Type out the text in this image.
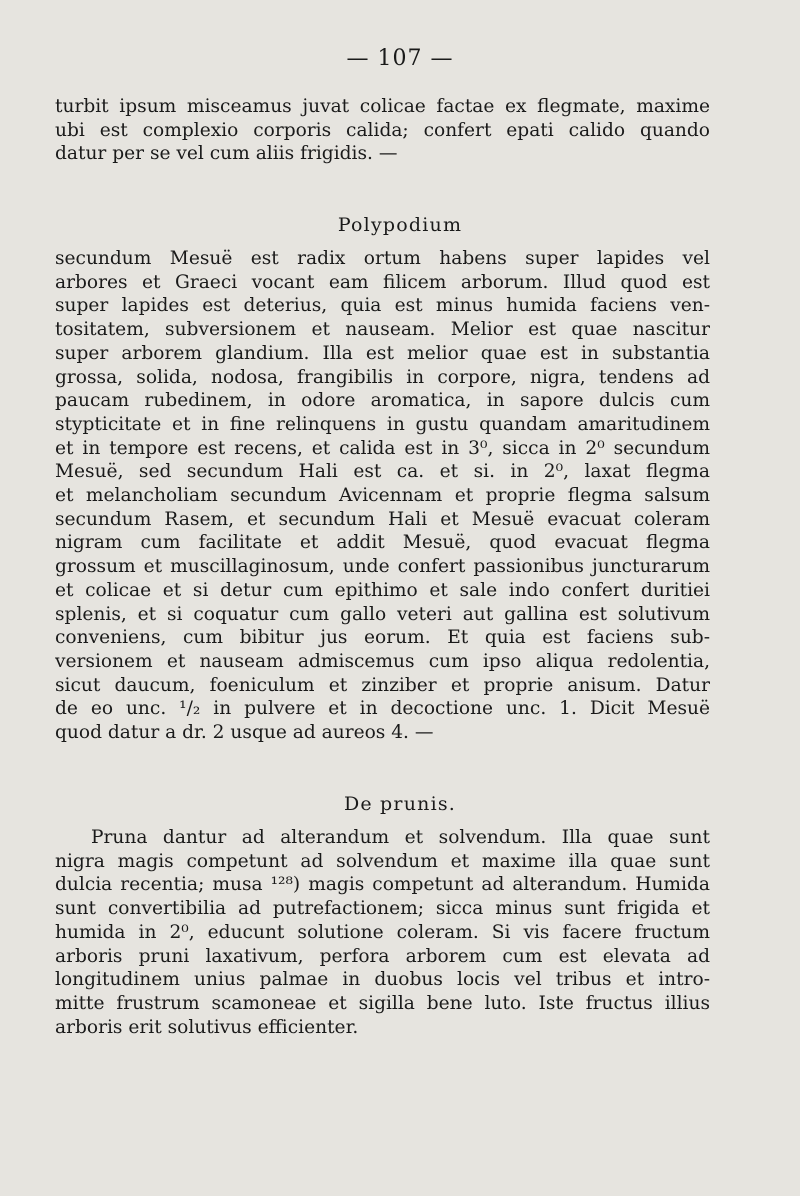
— 107 —
turbit ipsum misceamus juvat colicae factae ex flegmate, maxime
ubi est complexio corporis calida; confert epati calido quando
datur per se vel cum aliis frigidis. —
Polypodium
secundum Mesuë est radix ortum habens super lapides vel
arbores et Graeci vocant eam filicem arborum. Illud quod est
super lapides est deterius, quia est minus humida faciens ven-
tositatem, subversionem et nauseam. Melior est quae nascitur
super arborem glandium. Illa est melior quae est in substantia
grossa, solida, nodosa, frangibilis in corpore, nigra, tendens ad
paucam rubedinem, in odore aromatica, in sapore dulcis cum
stypticitate et in fine relinquens in gustu quandam amaritudinem
et in tempore est recens, et calida est in 3⁰, sicca in 2⁰ secundum
Mesuë, sed secundum Hali est ca. et si. in 2⁰, laxat flegma
et melancholiam secundum Avicennam et proprie flegma salsum
secundum Rasem, et secundum Hali et Mesuë evacuat coleram
nigram cum facilitate et addit Mesuë, quod evacuat flegma
grossum et muscillaginosum, unde confert passionibus juncturarum
et colicae et si detur cum epithimo et sale indo confert duritiei
splenis, et si coquatur cum gallo veteri aut gallina est solutivum
conveniens, cum bibitur jus eorum. Et quia est faciens sub-
versionem et nauseam admiscemus cum ipso aliqua redolentia,
sicut daucum, foeniculum et zinziber et proprie anisum. Datur
de eo unc. ¹/₂ in pulvere et in decoctione unc. 1. Dicit Mesuë
quod datur a dr. 2 usque ad aureos 4. —
De prunis.
Pruna dantur ad alterandum et solvendum. Illa quae sunt
nigra magis competunt ad solvendum et maxime illa quae sunt
dulcia recentia; musa ¹²⁸) magis competunt ad alterandum. Humida
sunt convertibilia ad putrefactionem; sicca minus sunt frigida et
humida in 2⁰, educunt solutione coleram. Si vis facere fructum
arboris pruni laxativum, perfora arborem cum est elevata ad
longitudinem unius palmae in duobus locis vel tribus et intro-
mitte frustrum scamoneae et sigilla bene luto. Iste fructus illius
arboris erit solutivus efficienter.
